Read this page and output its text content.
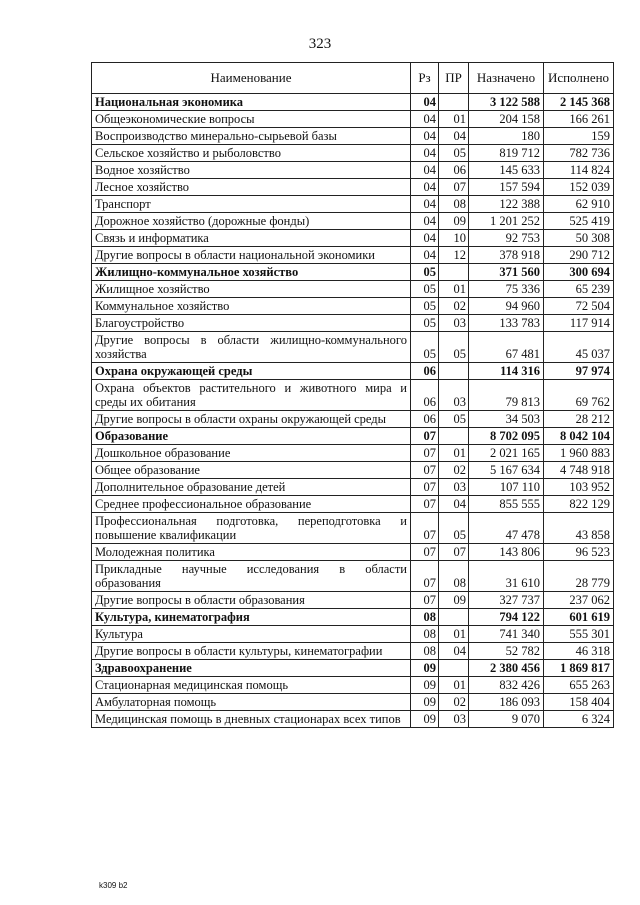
323
Наименование	Рз	ПР	Назначено	Исполнено
Национальная экономика	04		3 122 588	2 145 368
Общеэкономические вопросы	04	01	204 158	166 261
Воспроизводство минерально-сырьевой базы	04	04	180	159
Сельское хозяйство и рыболовство	04	05	819 712	782 736
Водное хозяйство	04	06	145 633	114 824
Лесное хозяйство	04	07	157 594	152 039
Транспорт	04	08	122 388	62 910
Дорожное хозяйство (дорожные фонды)	04	09	1 201 252	525 419
Связь и информатика	04	10	92 753	50 308
Другие вопросы в области национальной экономики	04	12	378 918	290 712
Жилищно-коммунальное хозяйство	05		371 560	300 694
Жилищное хозяйство	05	01	75 336	65 239
Коммунальное хозяйство	05	02	94 960	72 504
Благоустройство	05	03	133 783	117 914
Другие вопросы в области жилищно-коммунального хозяйства	05	05	67 481	45 037
Охрана окружающей среды	06		114 316	97 974
Охрана объектов растительного и животного мира и среды их обитания	06	03	79 813	69 762
Другие вопросы в области охраны окружающей среды	06	05	34 503	28 212
Образование	07		8 702 095	8 042 104
Дошкольное образование	07	01	2 021 165	1 960 883
Общее образование	07	02	5 167 634	4 748 918
Дополнительное образование детей	07	03	107 110	103 952
Среднее профессиональное образование	07	04	855 555	822 129
Профессиональная подготовка, переподготовка и повышение квалификации	07	05	47 478	43 858
Молодежная политика	07	07	143 806	96 523
Прикладные научные исследования в области образования	07	08	31 610	28 779
Другие вопросы в области образования	07	09	327 737	237 062
Культура, кинематография	08		794 122	601 619
Культура	08	01	741 340	555 301
Другие вопросы в области культуры, кинематографии	08	04	52 782	46 318
Здравоохранение	09		2 380 456	1 869 817
Стационарная медицинская помощь	09	01	832 426	655 263
Амбулаторная помощь	09	02	186 093	158 404
Медицинская помощь в дневных стационарах всех типов	09	03	9 070	6 324
k309 b2
